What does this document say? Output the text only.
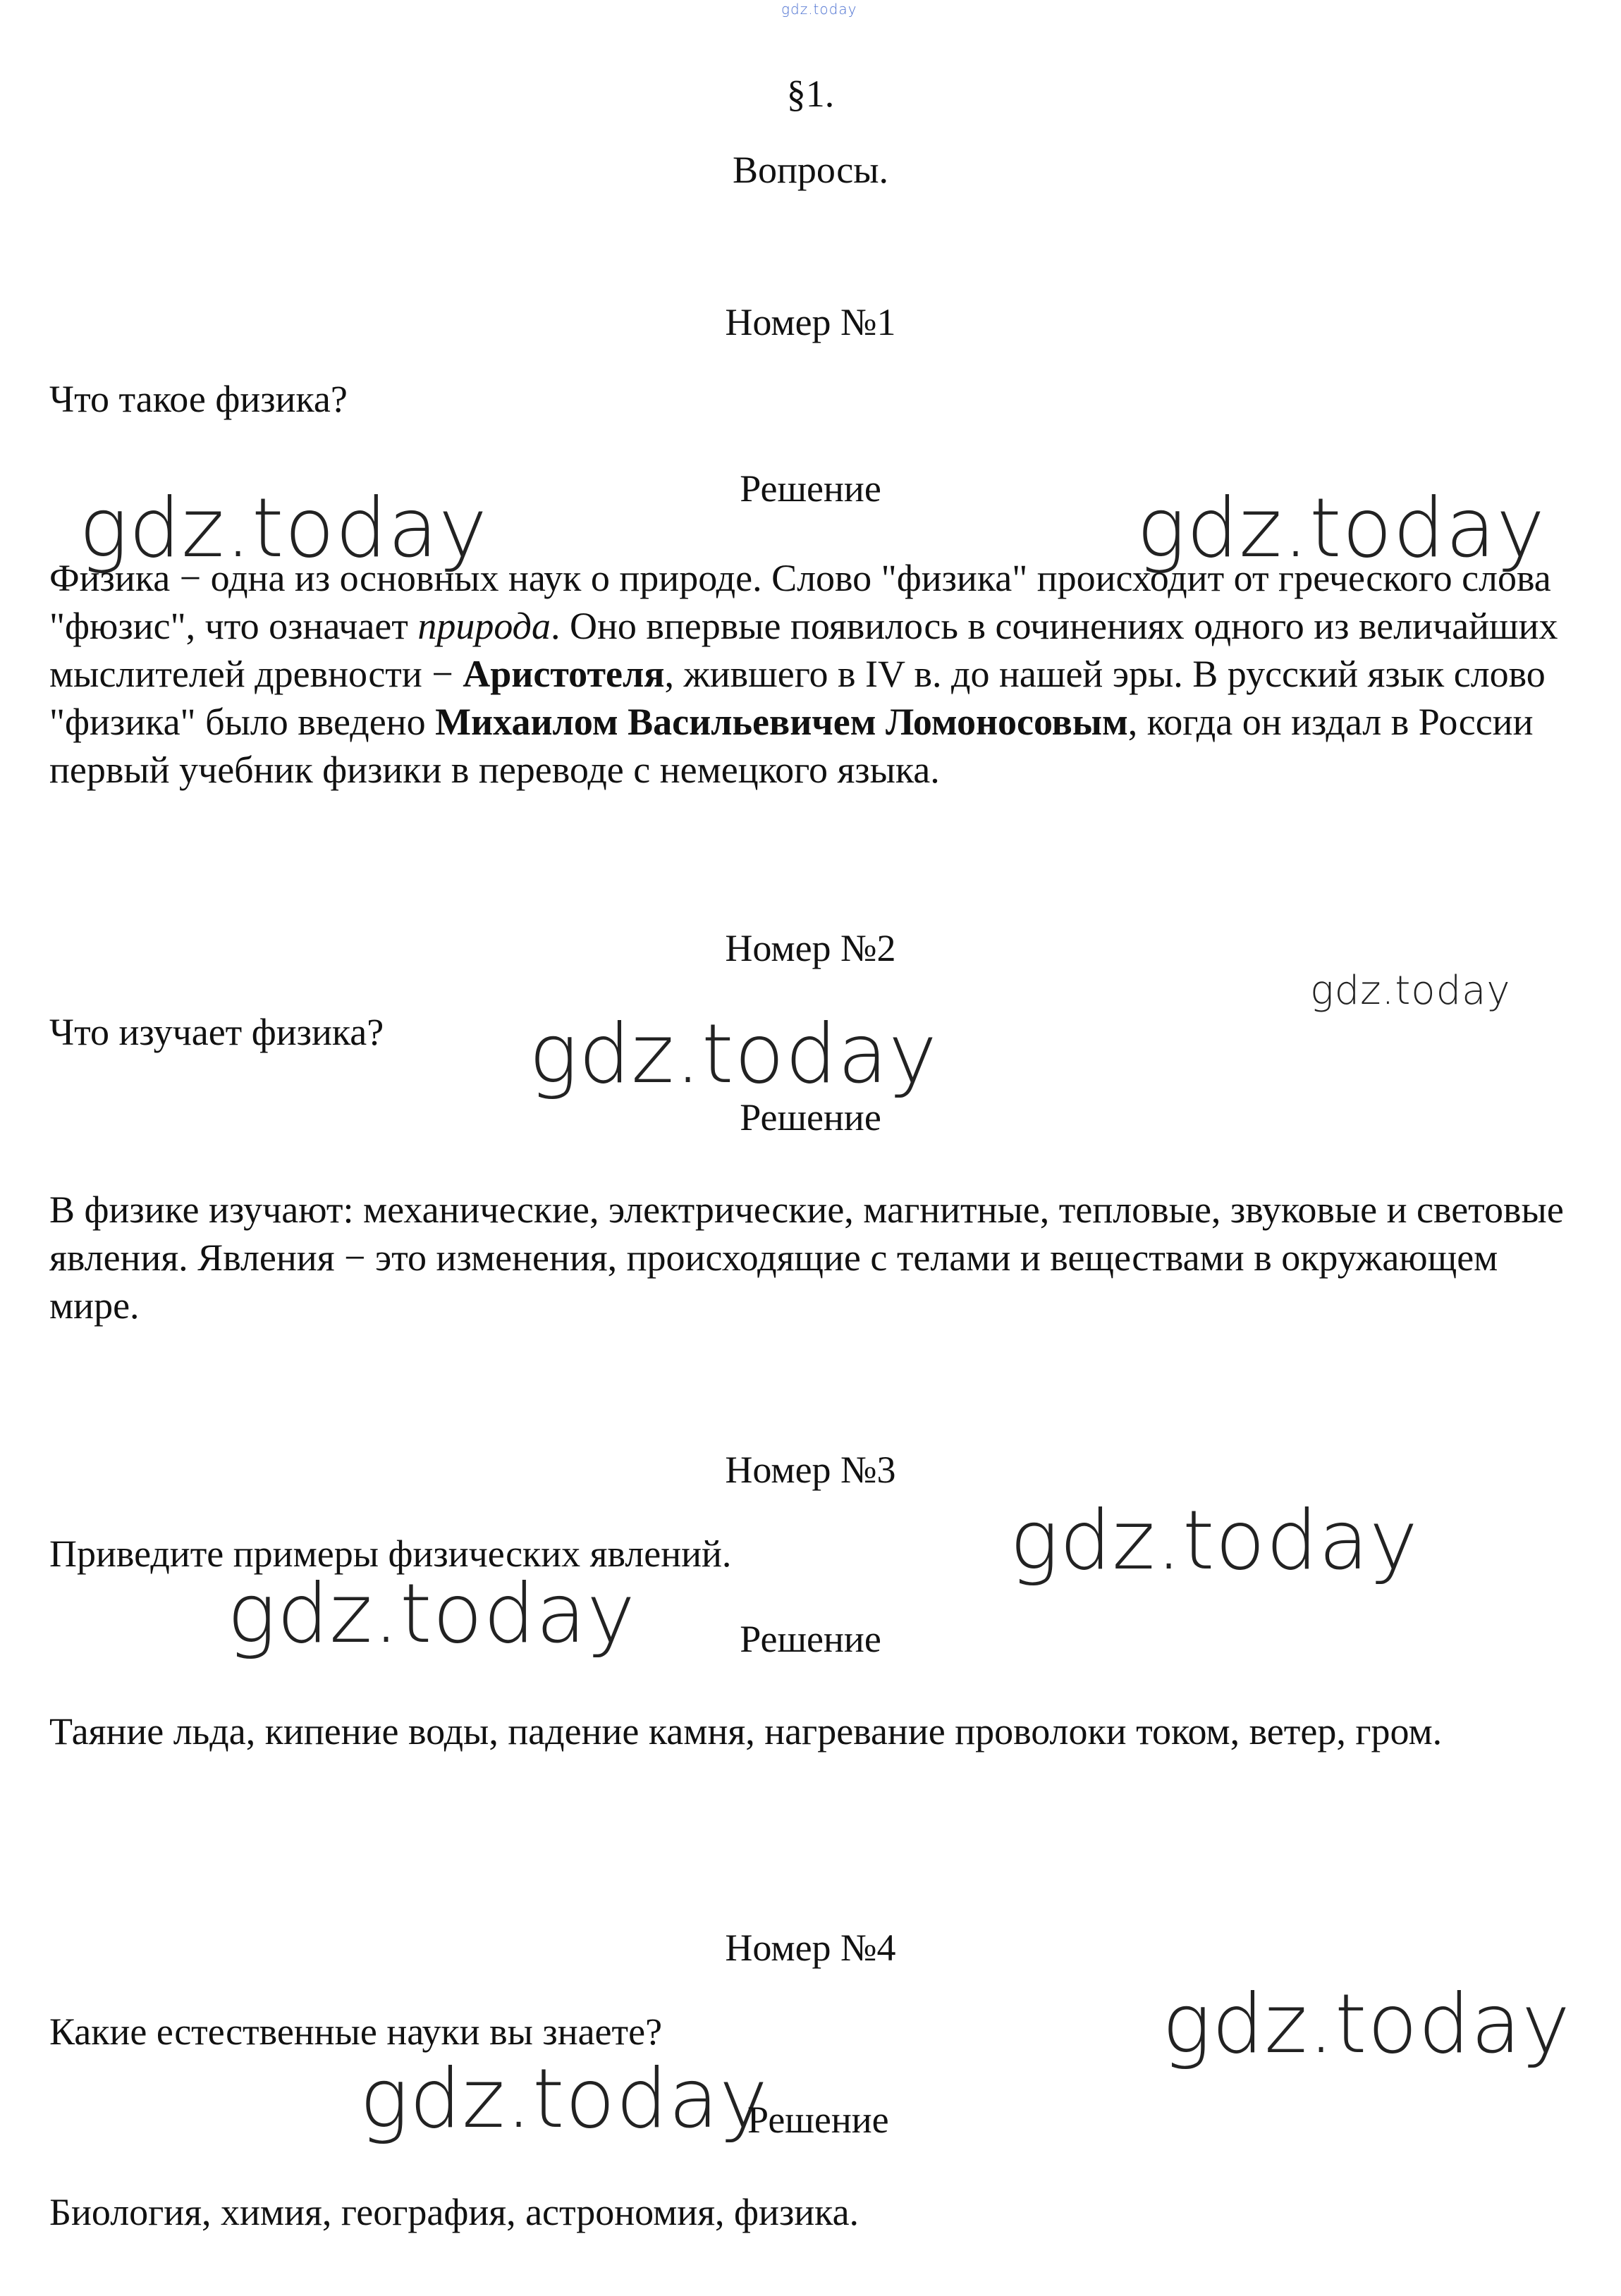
gdz.today
§1.
Вопросы.
Номер №1
Что такое физика?
Решение
gdz.today	gdz.today

Физика − одна из основных наук о природе. Слово "физика" происходит от греческого слова "фюзис", что означает природа. Оно впервые появилось в сочинениях одного из величайших мыслителей древности − Аристотеля, жившего в IV в. до нашей эры. В русский язык слово "физика" было введено Михаилом Васильевичем Ломоносовым, когда он издал в России первый учебник физики в переводе с немецкого языка.

Номер №2
gdz.today
Что изучает физика?	gdz.today
Решение

В физике изучают: механические, электрические, магнитные, тепловые, звуковые и световые явления. Явления − это изменения, происходящие с телами и веществами в окружающем мире.

Номер №3
gdz.today
Приведите примеры физических явлений.
gdz.today	Решение

Таяние льда, кипение воды, падение камня, нагревание проволоки током, ветер, гром.

Номер №4
gdz.today
Какие естественные науки вы знаете?
gdz.today
Решение

Биология, химия, география, астрономия, физика.
